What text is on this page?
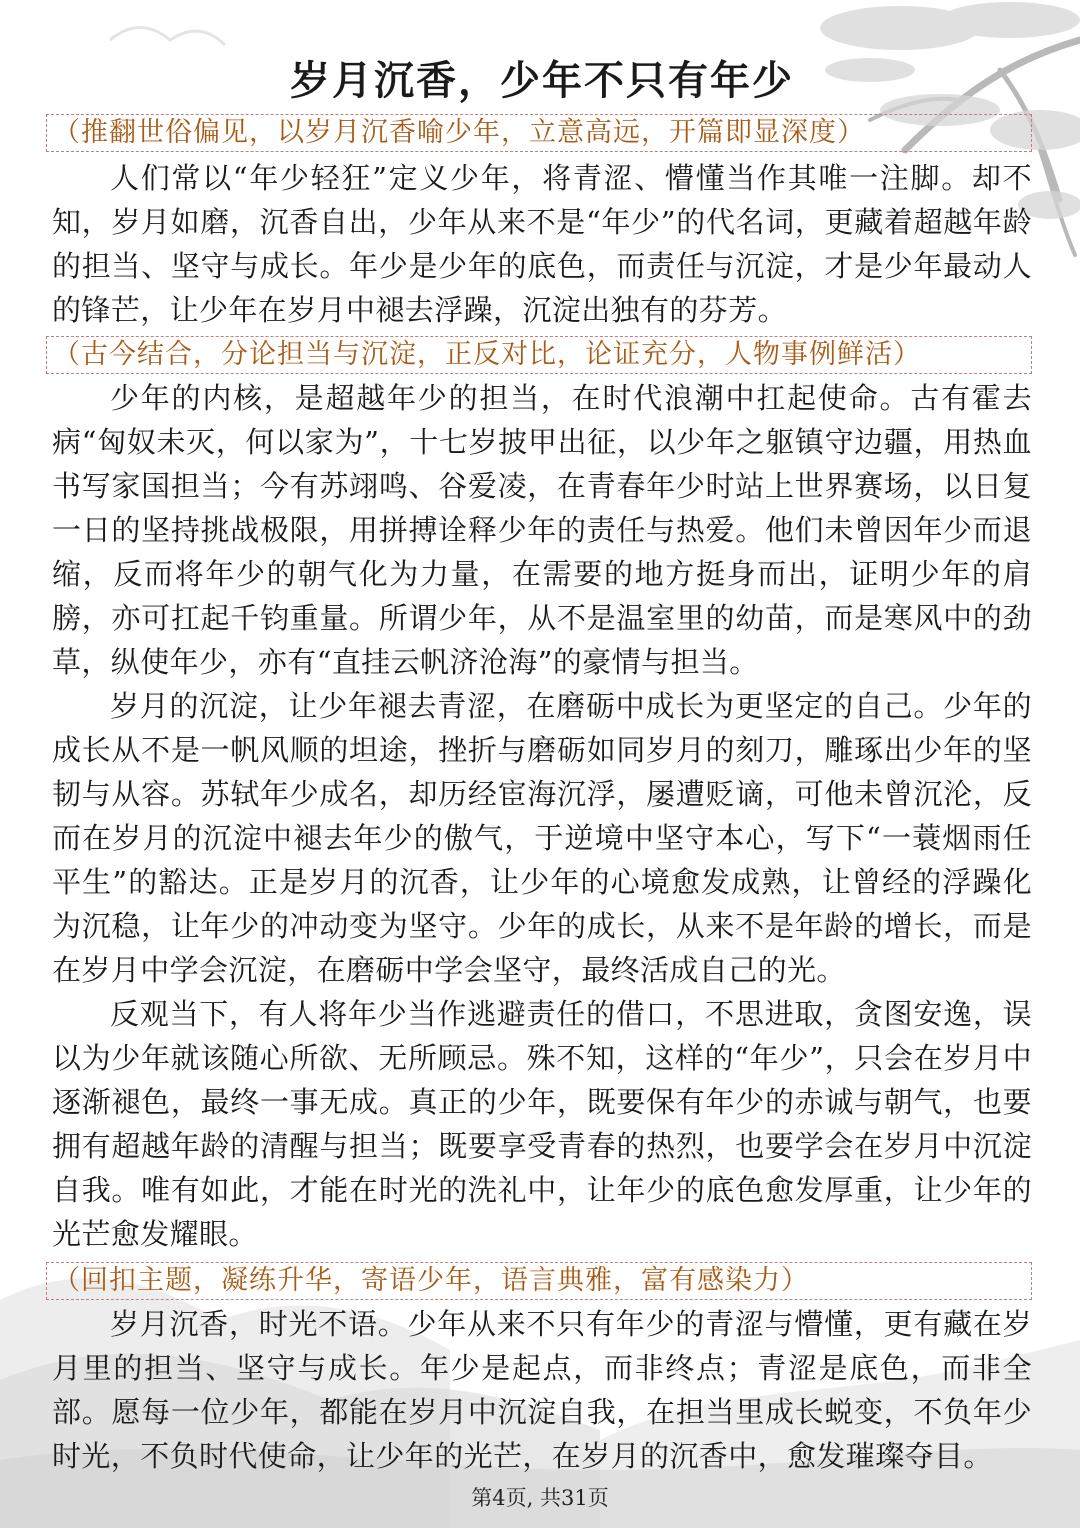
岁月沉香，少年不只有年少
（推翻世俗偏见，以岁月沉香喻少年，立意高远，开篇即显深度）

人们常以“年少轻狂”定义少年，将青涩、懵懂当作其唯一注脚。却不知，岁月如磨，沉香自出，少年从来不是“年少”的代名词，更藏着超越年龄的担当、坚守与成长。年少是少年的底色，而责任与沉淀，才是少年最动人的锋芒，让少年在岁月中褪去浮躁，沉淀出独有的芬芳。

（古今结合，分论担当与沉淀，正反对比，论证充分，人物事例鲜活）

少年的内核，是超越年少的担当，在时代浪潮中扛起使命。古有霍去病“匈奴未灭，何以家为”，十七岁披甲出征，以少年之躯镇守边疆，用热血书写家国担当；今有苏翊鸣、谷爱凌，在青春年少时站上世界赛场，以日复一日的坚持挑战极限，用拼搏诠释少年的责任与热爱。他们未曾因年少而退缩，反而将年少的朝气化为力量，在需要的地方挺身而出，证明少年的肩膀，亦可扛起千钧重量。所谓少年，从不是温室里的幼苗，而是寒风中的劲草，纵使年少，亦有“直挂云帆济沧海”的豪情与担当。

岁月的沉淀，让少年褪去青涩，在磨砺中成长为更坚定的自己。少年的成长从不是一帆风顺的坦途，挫折与磨砺如同岁月的刻刀，雕琢出少年的坚韧与从容。苏轼年少成名，却历经宦海沉浮，屡遭贬谪，可他未曾沉沦，反而在岁月的沉淀中褪去年少的傲气，于逆境中坚守本心，写下“一蓑烟雨任平生”的豁达。正是岁月的沉香，让少年的心境愈发成熟，让曾经的浮躁化为沉稳，让年少的冲动变为坚守。少年的成长，从来不是年龄的增长，而是在岁月中学会沉淀，在磨砺中学会坚守，最终活成自己的光。

反观当下，有人将年少当作逃避责任的借口，不思进取，贪图安逸，误以为少年就该随心所欲、无所顾忌。殊不知，这样的“年少”，只会在岁月中逐渐褪色，最终一事无成。真正的少年，既要保有年少的赤诚与朝气，也要拥有超越年龄的清醒与担当；既要享受青春的热烈，也要学会在岁月中沉淀自我。唯有如此，才能在时光的洗礼中，让年少的底色愈发厚重，让少年的光芒愈发耀眼。

（回扣主题，凝练升华，寄语少年，语言典雅，富有感染力）

岁月沉香，时光不语。少年从来不只有年少的青涩与懵懂，更有藏在岁月里的担当、坚守与成长。年少是起点，而非终点；青涩是底色，而非全部。愿每一位少年，都能在岁月中沉淀自我，在担当里成长蜕变，不负年少时光，不负时代使命，让少年的光芒，在岁月的沉香中，愈发璀璨夺目。

第4页, 共31页
